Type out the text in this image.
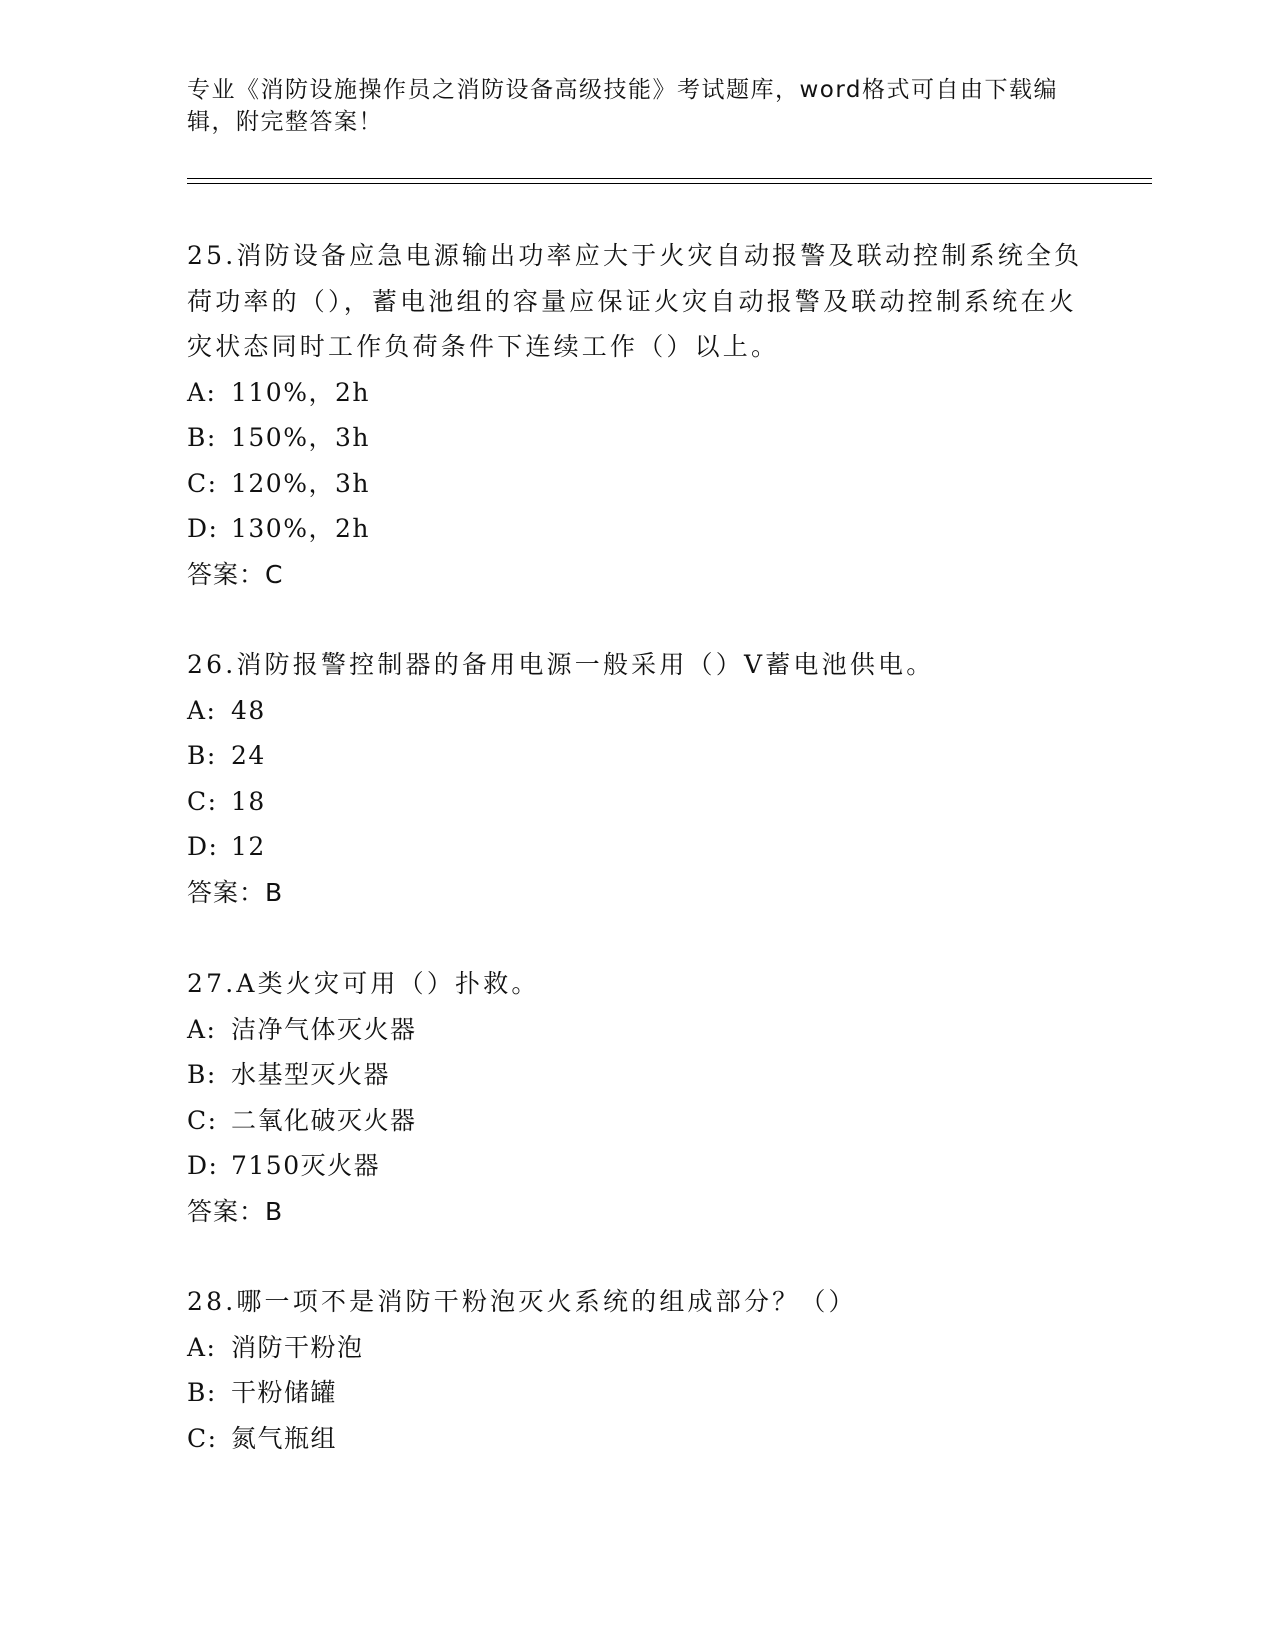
专业《消防设施操作员之消防设备高级技能》考试题库，word格式可自由下载编辑，附完整答案！

25.消防设备应急电源输出功率应大于火灾自动报警及联动控制系统全负荷功率的（），蓄电池组的容量应保证火灾自动报警及联动控制系统在火灾状态同时工作负荷条件下连续工作（）以上。

A: 110%，2h

B: 150%，3h

C: 120%，3h

D: 130%，2h

答案：C

26.消防报警控制器的备用电源一般采用（）V蓄电池供电。

A: 48

B: 24

C: 18

D: 12

答案：B

27.A类火灾可用（）扑救。

A: 洁净气体灭火器

B: 水基型灭火器

C: 二氧化破灭火器

D: 7150灭火器

答案：B

28.哪一项不是消防干粉泡灭火系统的组成部分？（）

A: 消防干粉泡

B: 干粉储罐

C: 氮气瓶组
